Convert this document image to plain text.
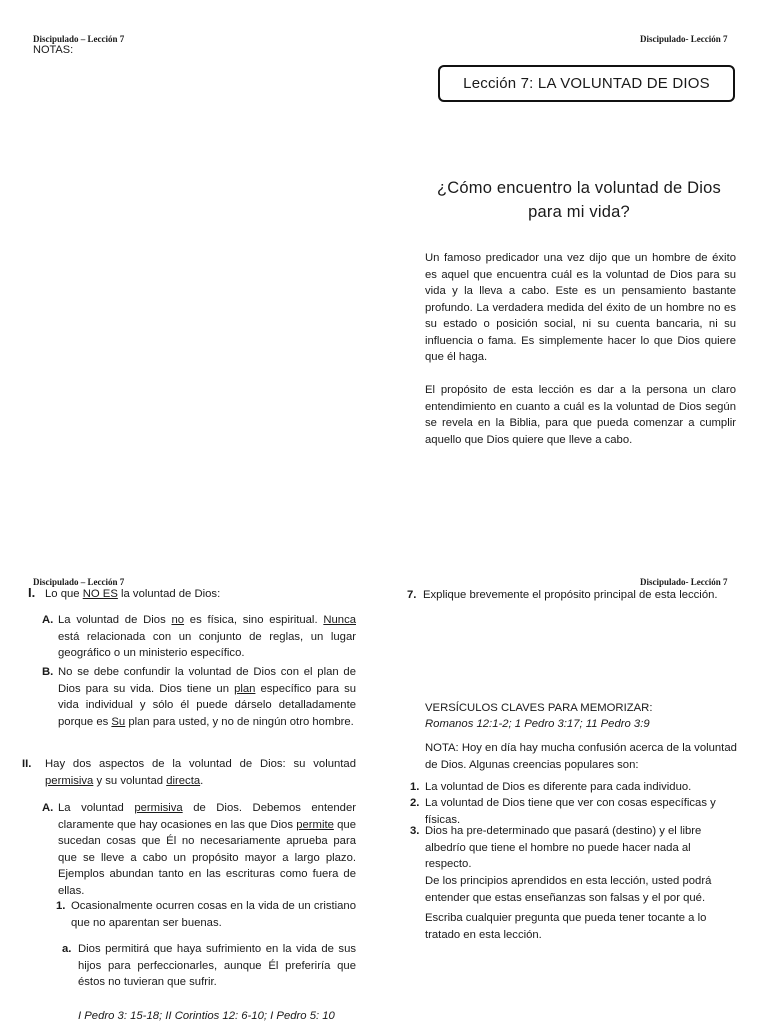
Discipulado – Lección 7	Discipulado- Lección 7
NOTAS:
Lección 7: LA VOLUNTAD DE DIOS
¿Cómo encuentro la voluntad de Dios para mi vida?
Un famoso predicador una vez dijo que un hombre de éxito es aquel que encuentra cuál es la voluntad de Dios para su vida y la lleva a cabo. Este es un pensamiento bastante profundo. La verdadera medida del éxito de un hombre no es su estado o posición social, ni su cuenta bancaria, ni su influencia o fama. Es simplemente hacer lo que Dios quiere que él haga.
El propósito de esta lección es dar a la persona un claro entendimiento en cuanto a cuál es la voluntad de Dios según se revela en la Biblia, para que pueda comenzar a cumplir aquello que Dios quiere que lleve a cabo.
Discipulado – Lección 7	Discipulado- Lección 7
I. Lo que NO ES la voluntad de Dios:
A. La voluntad de Dios no es física, sino espiritual. Nunca está relacionada con un conjunto de reglas, un lugar geográfico o un ministerio específico.
B. No se debe confundir la voluntad de Dios con el plan de Dios para su vida. Dios tiene un plan específico para su vida individual y sólo él puede dárselo detalladamente porque es Su plan para usted, y no de ningún otro hombre.
II. Hay dos aspectos de la voluntad de Dios: su voluntad permisiva y su voluntad directa.
A. La voluntad permisiva de Dios. Debemos entender claramente que hay ocasiones en las que Dios permite que sucedan cosas que Él no necesariamente aprueba para que se lleve a cabo un propósito mayor a largo plazo. Ejemplos abundan tanto en las escrituras como fuera de ellas.
1. Ocasionalmente ocurren cosas en la vida de un cristiano que no aparentan ser buenas.
a. Dios permitirá que haya sufrimiento en la vida de sus hijos para perfeccionarles, aunque Él preferiría que éstos no tuvieran que sufrir.
I Pedro 3: 15-18; II Corintios 12: 6-10; I Pedro 5: 10
7. Explique brevemente el propósito principal de esta lección.
VERSÍCULOS CLAVES PARA MEMORIZAR:
Romanos 12:1-2; 1 Pedro 3:17; 11 Pedro 3:9
NOTA: Hoy en día hay mucha confusión acerca de la voluntad de Dios. Algunas creencias populares son:
1. La voluntad de Dios es diferente para cada individuo.
2. La voluntad de Dios tiene que ver con cosas específicas y físicas.
3. Dios ha pre-determinado que pasará (destino) y el libre albedrío que tiene el hombre no puede hacer nada al respecto.
De los principios aprendidos en esta lección, usted podrá entender que estas enseñanzas son falsas y el por qué.
Escriba cualquier pregunta que pueda tener tocante a lo tratado en esta lección.
